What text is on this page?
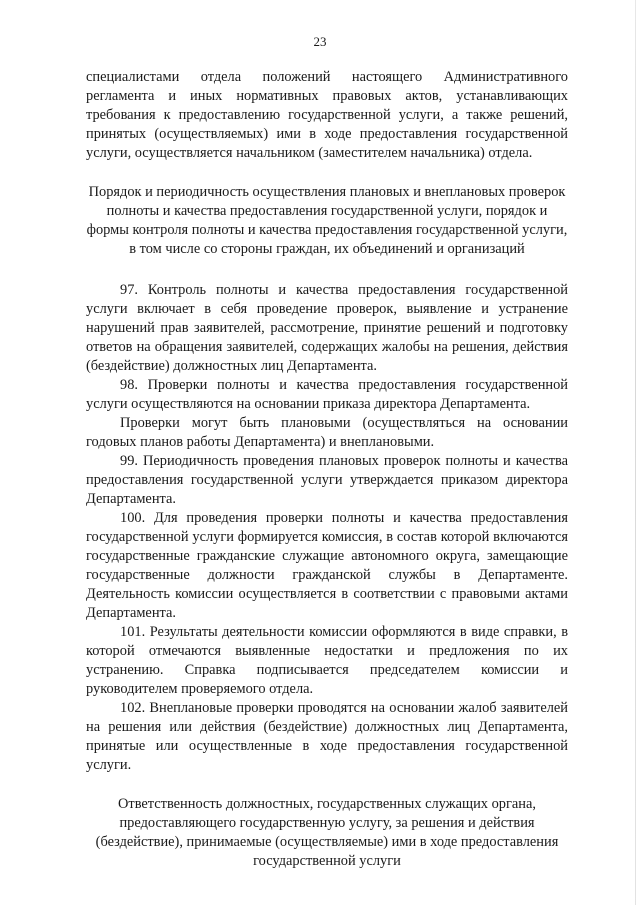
23

специалистами отдела положений настоящего Административного регламента и иных нормативных правовых актов, устанавливающих требования к предоставлению государственной услуги, а также решений, принятых (осуществляемых) ими в ходе предоставления государственной услуги, осуществляется начальником (заместителем начальника) отдела.

Порядок и периодичность осуществления плановых и внеплановых проверок полноты и качества предоставления государственной услуги, порядок и формы контроля полноты и качества предоставления государственной услуги, в том числе со стороны граждан, их объединений и организаций

97. Контроль полноты и качества предоставления государственной услуги включает в себя проведение проверок, выявление и устранение нарушений прав заявителей, рассмотрение, принятие решений и подготовку ответов на обращения заявителей, содержащих жалобы на решения, действия (бездействие) должностных лиц Департамента.

98. Проверки полноты и качества предоставления государственной услуги осуществляются на основании приказа директора Департамента.

Проверки могут быть плановыми (осуществляться на основании годовых планов работы Департамента) и внеплановыми.

99. Периодичность проведения плановых проверок полноты и качества предоставления государственной услуги утверждается приказом директора Департамента.

100. Для проведения проверки полноты и качества предоставления государственной услуги формируется комиссия, в состав которой включаются государственные гражданские служащие автономного округа, замещающие государственные должности гражданской службы в Департаменте. Деятельность комиссии осуществляется в соответствии с правовыми актами Департамента.

101. Результаты деятельности комиссии оформляются в виде справки, в которой отмечаются выявленные недостатки и предложения по их устранению. Справка подписывается председателем комиссии и руководителем проверяемого отдела.

102. Внеплановые проверки проводятся на основании жалоб заявителей на решения или действия (бездействие) должностных лиц Департамента, принятые или осуществленные в ходе предоставления государственной услуги.

Ответственность должностных, государственных служащих органа, предоставляющего государственную услугу, за решения и действия (бездействие), принимаемые (осуществляемые) ими в ходе предоставления государственной услуги
